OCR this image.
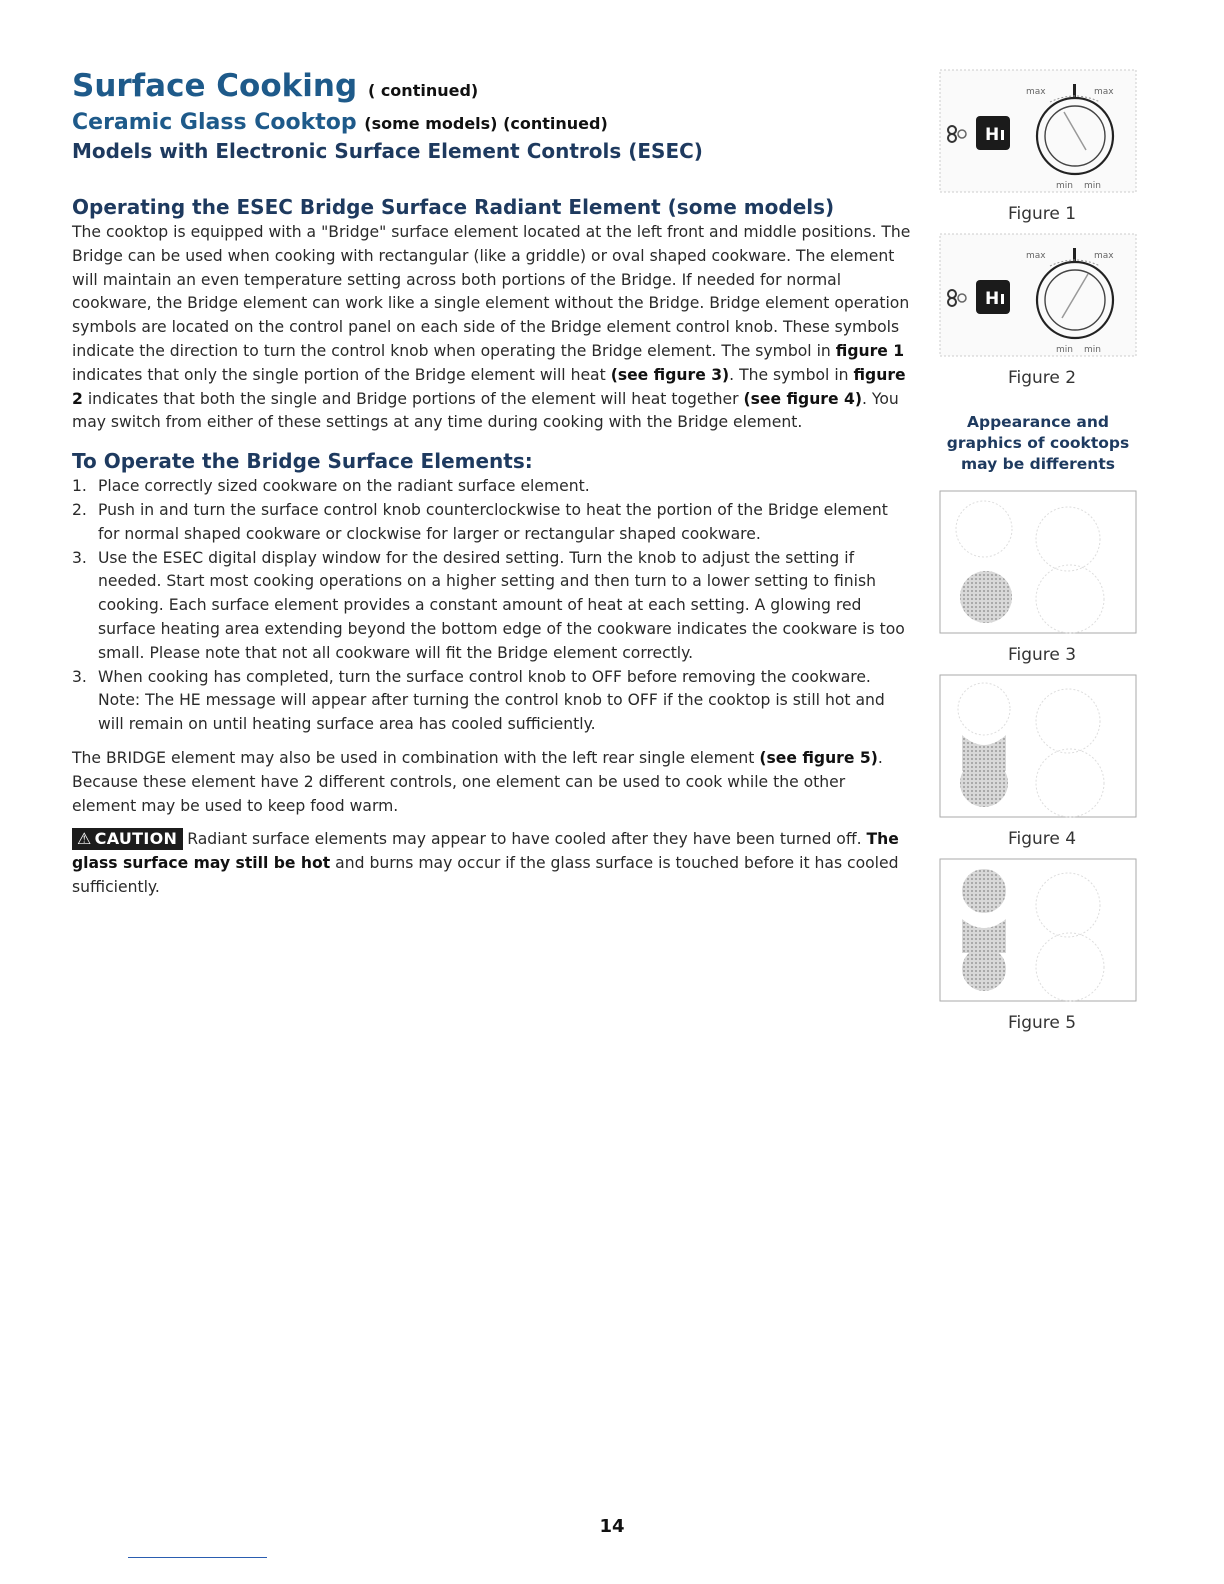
Surface Cooking ( continued)
Ceramic Glass Cooktop (some models) (continued)
Models with Electronic Surface Element Controls (ESEC)
Operating the ESEC Bridge Surface Radiant Element (some models)

The cooktop is equipped with a "Bridge" surface element located at the left front and middle positions. The Bridge can be used when cooking with rectangular (like a griddle) or oval shaped cookware. The element will maintain an even temperature setting across both portions of the Bridge. If needed for normal cookware, the Bridge element can work like a single element without the Bridge. Bridge element operation symbols are located on the control panel on each side of the Bridge element control knob. These symbols indicate the direction to turn the control knob when operating the Bridge element. The symbol in figure 1 indicates that only the single portion of the Bridge element will heat (see figure 3). The symbol in figure 2 indicates that both the single and Bridge portions of the element will heat together (see figure 4). You may switch from either of these settings at any time during cooking with the Bridge element.

To Operate the Bridge Surface Elements:
1. Place correctly sized cookware on the radiant surface element.
2. Push in and turn the surface control knob counterclockwise to heat the portion of the Bridge element for normal shaped cookware or clockwise for larger or rectangular shaped cookware.
3. Use the ESEC digital display window for the desired setting. Turn the knob to adjust the setting if needed. Start most cooking operations on a higher setting and then turn to a lower setting to finish cooking. Each surface element provides a constant amount of heat at each setting. A glowing red surface heating area extending beyond the bottom edge of the cookware indicates the cookware is too small. Please note that not all cookware will fit the Bridge element correctly.
3. When cooking has completed, turn the surface control knob to OFF before removing the cookware. Note: The HE message will appear after turning the control knob to OFF if the cooktop is still hot and will remain on until heating surface area has cooled sufficiently.

The BRIDGE element may also be used in combination with the left rear single element (see figure 5). Because these element have 2 different controls, one element can be used to cook while the other element may be used to keep food warm.

⚠ CAUTION Radiant surface elements may appear to have cooled after they have been turned off. The glass surface may still be hot and burns may occur if the glass surface is touched before it has cooled sufficiently.

H
max	max
min min

Figure 1

H
max	max
min min

Figure 2

Appearance and graphics of cooktops may be differents

Figure 3

Figure 4

Figure 5

14
